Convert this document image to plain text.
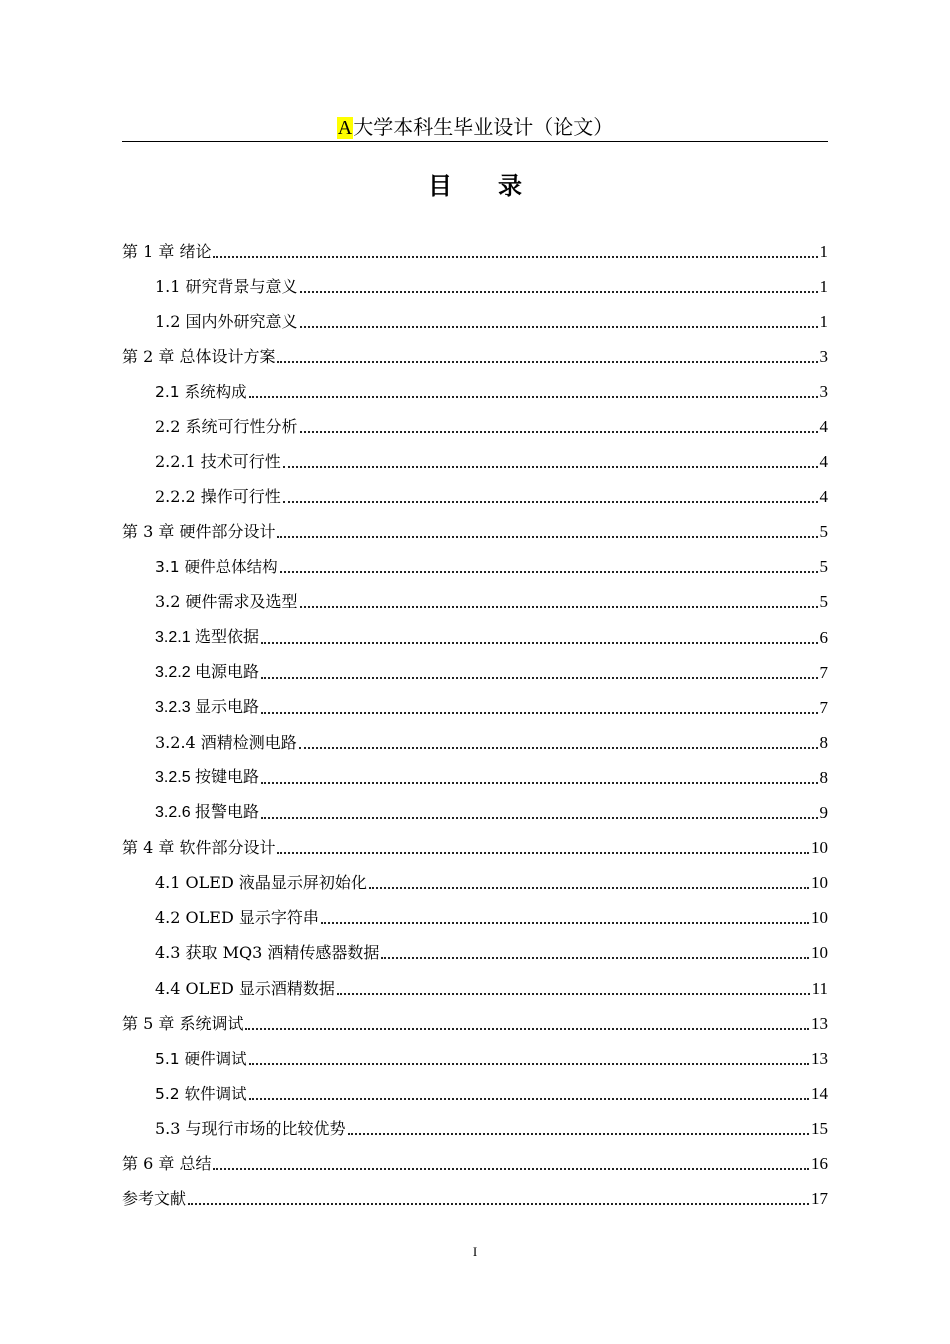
A大学本科生毕业设计（论文）
目录
第 1 章 绪论	1
1.1 研究背景与意义	1
1.2 国内外研究意义	1
第 2 章 总体设计方案	3
2.1 系统构成	3
2.2 系统可行性分析	4
2.2.1 技术可行性	4
2.2.2 操作可行性	4
第 3 章 硬件部分设计	5
3.1 硬件总体结构	5
3.2 硬件需求及选型	5
3.2.1 选型依据	6
3.2.2 电源电路	7
3.2.3 显示电路	7
3.2.4 酒精检测电路	8
3.2.5 按键电路	8
3.2.6 报警电路	9
第 4 章 软件部分设计	10
4.1 OLED 液晶显示屏初始化	10
4.2 OLED 显示字符串	10
4.3 获取 MQ3 酒精传感器数据	10
4.4 OLED 显示酒精数据	11
第 5 章 系统调试	13
5.1 硬件调试	13
5.2 软件调试	14
5.3 与现行市场的比较优势	15
第 6 章 总结	16
参考文献	17
I
